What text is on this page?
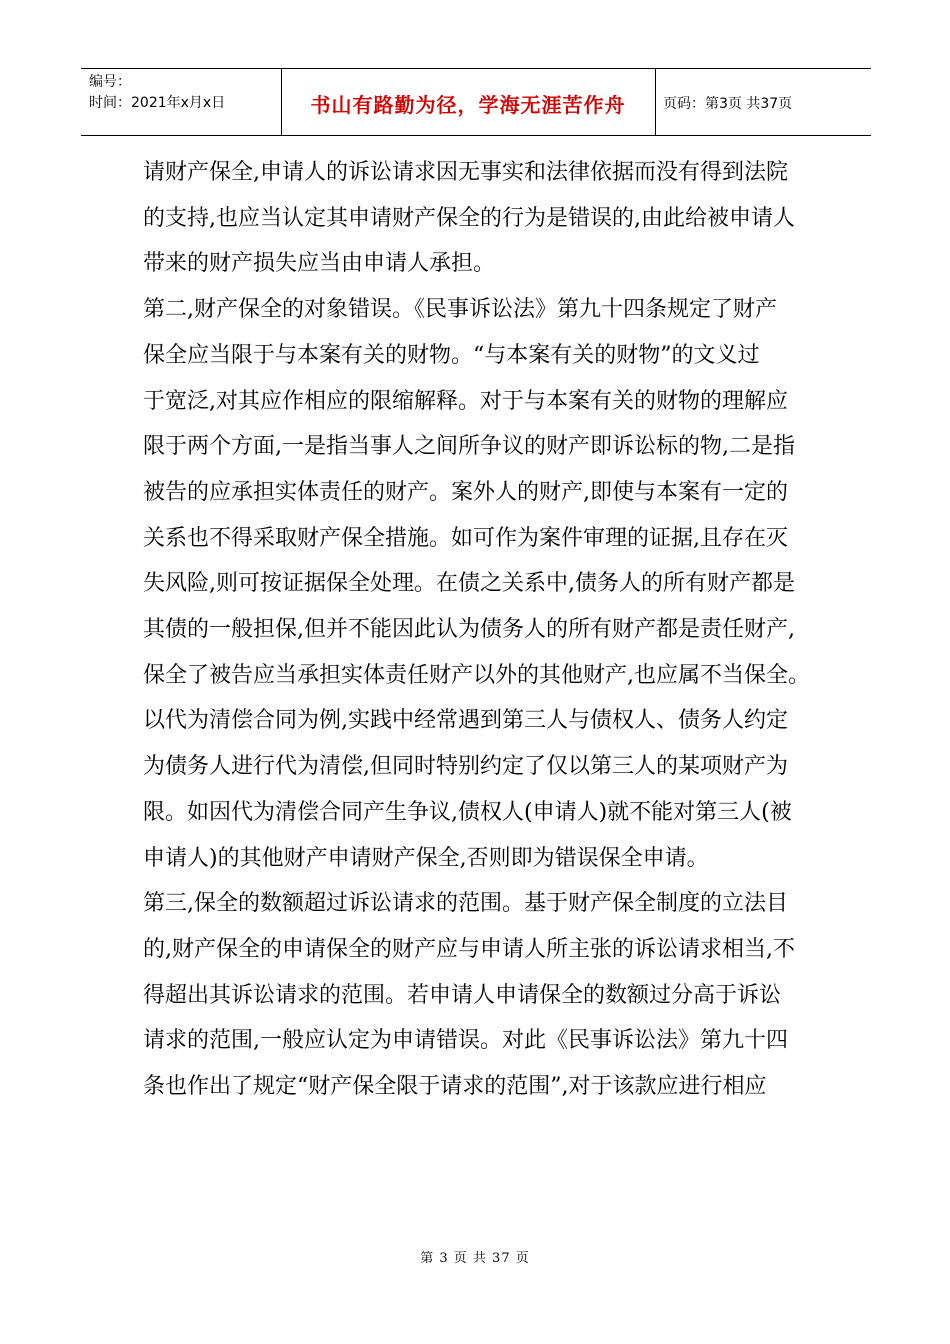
编号：
时间：2021年x月x日	书山有路勤为径，学海无涯苦作舟	页码：第3页 共37页

请财产保全,申请人的诉讼请求因无事实和法律依据而没有得到法院

的支持,也应当认定其申请财产保全的行为是错误的,由此给被申请人

带来的财产损失应当由申请人承担。

第二,财产保全的对象错误。《民事诉讼法》第九十四条规定了财产

保全应当限于与本案有关的财物。“与本案有关的财物”的文义过

于宽泛,对其应作相应的限缩解释。对于与本案有关的财物的理解应

限于两个方面,一是指当事人之间所争议的财产即诉讼标的物,二是指

被告的应承担实体责任的财产。案外人的财产,即使与本案有一定的

关系也不得采取财产保全措施。如可作为案件审理的证据,且存在灭

失风险,则可按证据保全处理。在债之关系中,债务人的所有财产都是

其债的一般担保,但并不能因此认为债务人的所有财产都是责任财产,

保全了被告应当承担实体责任财产以外的其他财产,也应属不当保全。

以代为清偿合同为例,实践中经常遇到第三人与债权人、债务人约定

为债务人进行代为清偿,但同时特别约定了仅以第三人的某项财产为

限。如因代为清偿合同产生争议,债权人(申请人)就不能对第三人(被

申请人)的其他财产申请财产保全,否则即为错误保全申请。

第三,保全的数额超过诉讼请求的范围。基于财产保全制度的立法目

的,财产保全的申请保全的财产应与申请人所主张的诉讼请求相当,不

得超出其诉讼请求的范围。若申请人申请保全的数额过分高于诉讼

请求的范围,一般应认定为申请错误。对此《民事诉讼法》第九十四

条也作出了规定“财产保全限于请求的范围”,对于该款应进行相应

第 3 页 共 37 页
